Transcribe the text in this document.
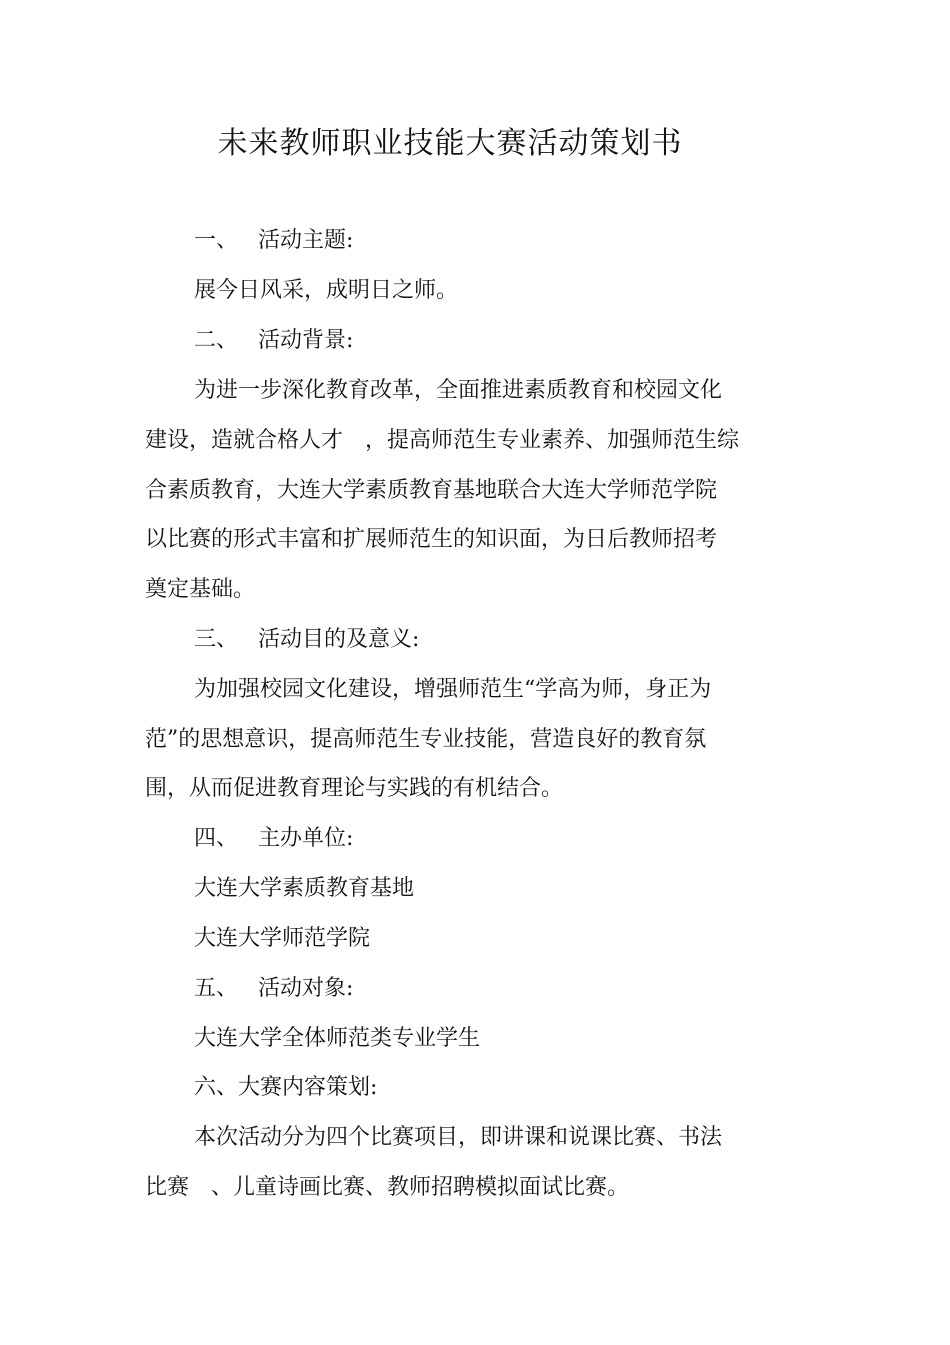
未来教师职业技能大赛活动策划书

一、 活动主题:

展今日风采，成明日之师。

二、 活动背景:

为进一步深化教育改革，全面推进素质教育和校园文化

建设，造就合格人才　，提高师范生专业素养、加强师范生综

合素质教育，大连大学素质教育基地联合大连大学师范学院

以比赛的形式丰富和扩展师范生的知识面，为日后教师招考

奠定基础。

三、 活动目的及意义:

为加强校园文化建设，增强师范生“学高为师，身正为

范”的思想意识，提高师范生专业技能，营造良好的教育氛

围，从而促进教育理论与实践的有机结合。

四、 主办单位:

大连大学素质教育基地

大连大学师范学院

五、 活动对象:

大连大学全体师范类专业学生

六、大赛内容策划:

本次活动分为四个比赛项目，即讲课和说课比赛、书法

比赛　、儿童诗画比赛、教师招聘模拟面试比赛。
